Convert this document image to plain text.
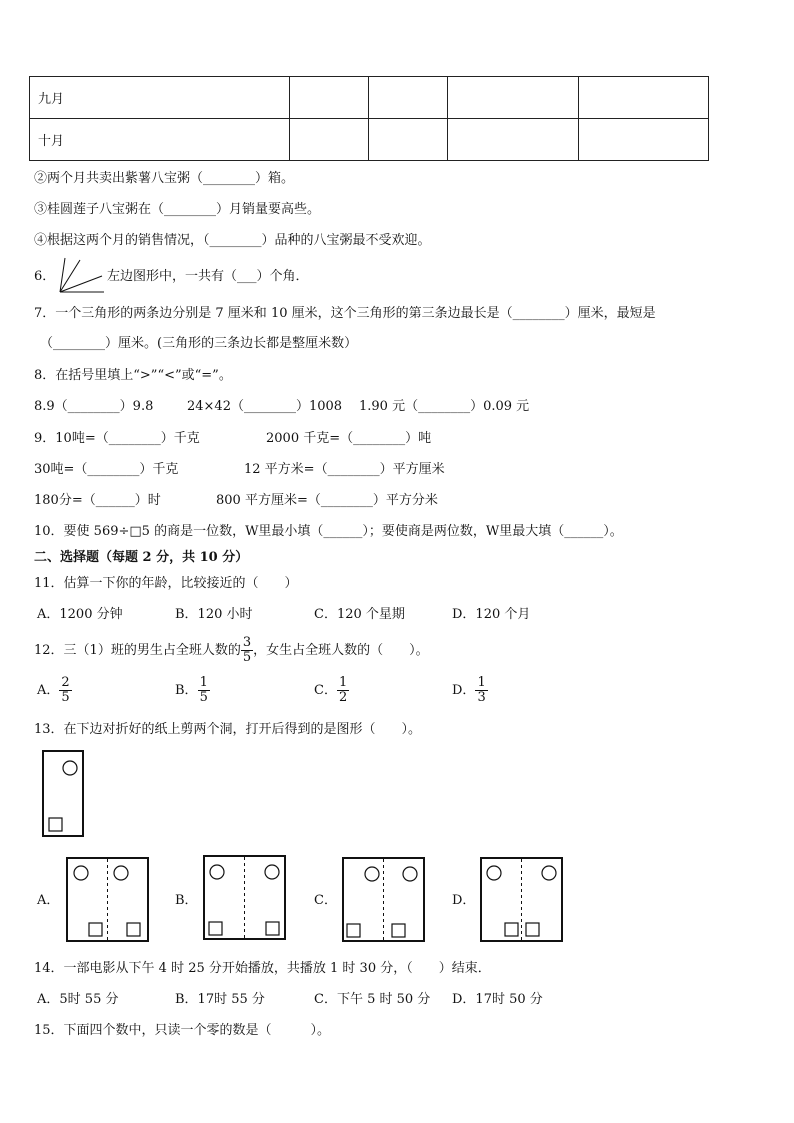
九月				
十月				
②两个月共卖出紫薯八宝粥（________）箱。
③桂圆莲子八宝粥在（________）月销量要高些。
④根据这两个月的销售情况，（________）品种的八宝粥最不受欢迎。
6．	左边图形中，一共有（___）个角．
7．一个三角形的两条边分别是 7 厘米和 10 厘米，这个三角形的第三条边最长是（________）厘米，最短是
（________）厘米。(三角形的三条边长都是整厘米数）
8．在括号里填上“>”“<”或“=”。
8.9（________）9.8	24×42（________）1008 1.90 元（________）0.09 元
9．10吨=（________）千克	2000 千克=（________）吨
30吨=（________）千克	12 平方米=（________）平方厘米
180分=（______）时	800 平方厘米=（________）平方分米
10．要使 569÷□5 的商是一位数，W里最小填（______）；要使商是两位数，W里最大填（______）。
二、选择题（每题 2 分，共 10 分）
11．估算一下你的年龄，比较接近的（　　）
A．1200 分钟	B．120 小时	C．120 个星期	D．120 个月
12．三（1）班的男生占全班人数的 $\frac{3}{5}$ ，女生占全班人数的（　　）。
A． $\frac{2}{5}$	B． $\frac{1}{5}$	C． $\frac{1}{2}$	D． $\frac{1}{3}$
13．在下边对折好的纸上剪两个洞，打开后得到的是图形（　　）。
A．	B．	C．	D．
14．一部电影从下午 4 时 25 分开始播放，共播放 1 时 30 分，（　　）结束．
A．5时 55 分	B．17时 55 分	C．下午 5 时 50 分 D．17时 50 分
15．下面四个数中，只读一个零的数是（　　　）。
